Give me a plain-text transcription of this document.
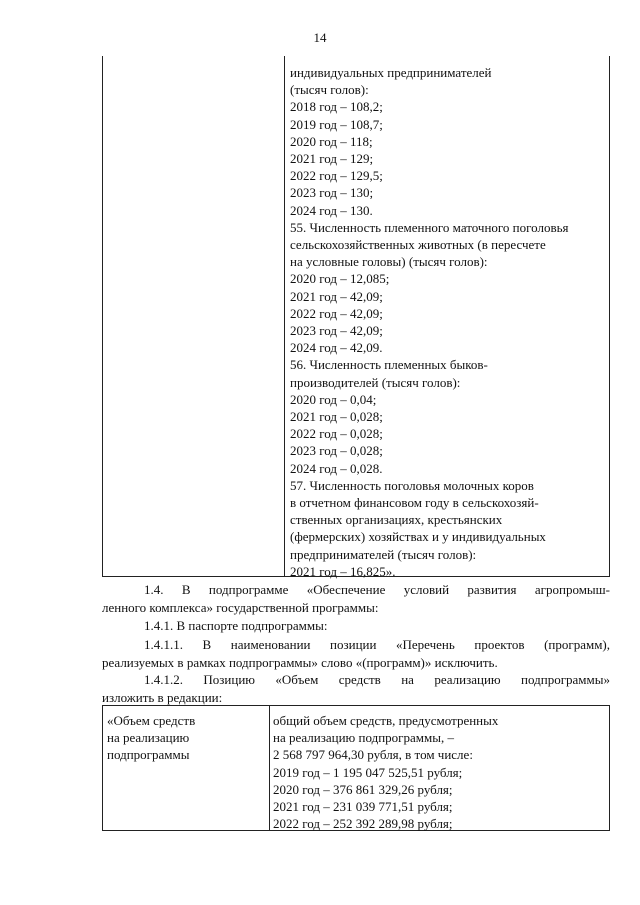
14
индивидуальных предпринимателей
(тысяч голов):
2018 год – 108,2;
2019 год – 108,7;
2020 год – 118;
2021 год – 129;
2022 год – 129,5;
2023 год – 130;
2024 год – 130.
55. Численность племенного маточного поголовья
сельскохозяйственных животных (в пересчете
на условные головы) (тысяч голов):
2020 год – 12,085;
2021 год – 42,09;
2022 год – 42,09;
2023 год – 42,09;
2024 год – 42,09.
56. Численность племенных быков-
производителей (тысяч голов):
2020 год – 0,04;
2021 год – 0,028;
2022 год – 0,028;
2023 год – 0,028;
2024 год – 0,028.
57. Численность поголовья молочных коров
в отчетном финансовом году в сельскохозяй-
ственных организациях, крестьянских
(фермерских) хозяйствах и у индивидуальных
предпринимателей (тысяч голов):
2021 год – 16,825».
1.4. В подпрограмме «Обеспечение условий развития агропромыш-
ленного комплекса» государственной программы:
1.4.1. В паспорте подпрограммы:
1.4.1.1. В наименовании позиции «Перечень проектов (программ),
реализуемых в рамках подпрограммы» слово «(программ)» исключить.
1.4.1.2. Позицию «Объем средств на реализацию подпрограммы»
изложить в редакции:
«Объем средств
на реализацию
подпрограммы
общий объем средств, предусмотренных
на реализацию подпрограммы, –
2 568 797 964,30 рубля, в том числе:
2019 год – 1 195 047 525,51 рубля;
2020 год – 376 861 329,26 рубля;
2021 год – 231 039 771,51 рубля;
2022 год – 252 392 289,98 рубля;
